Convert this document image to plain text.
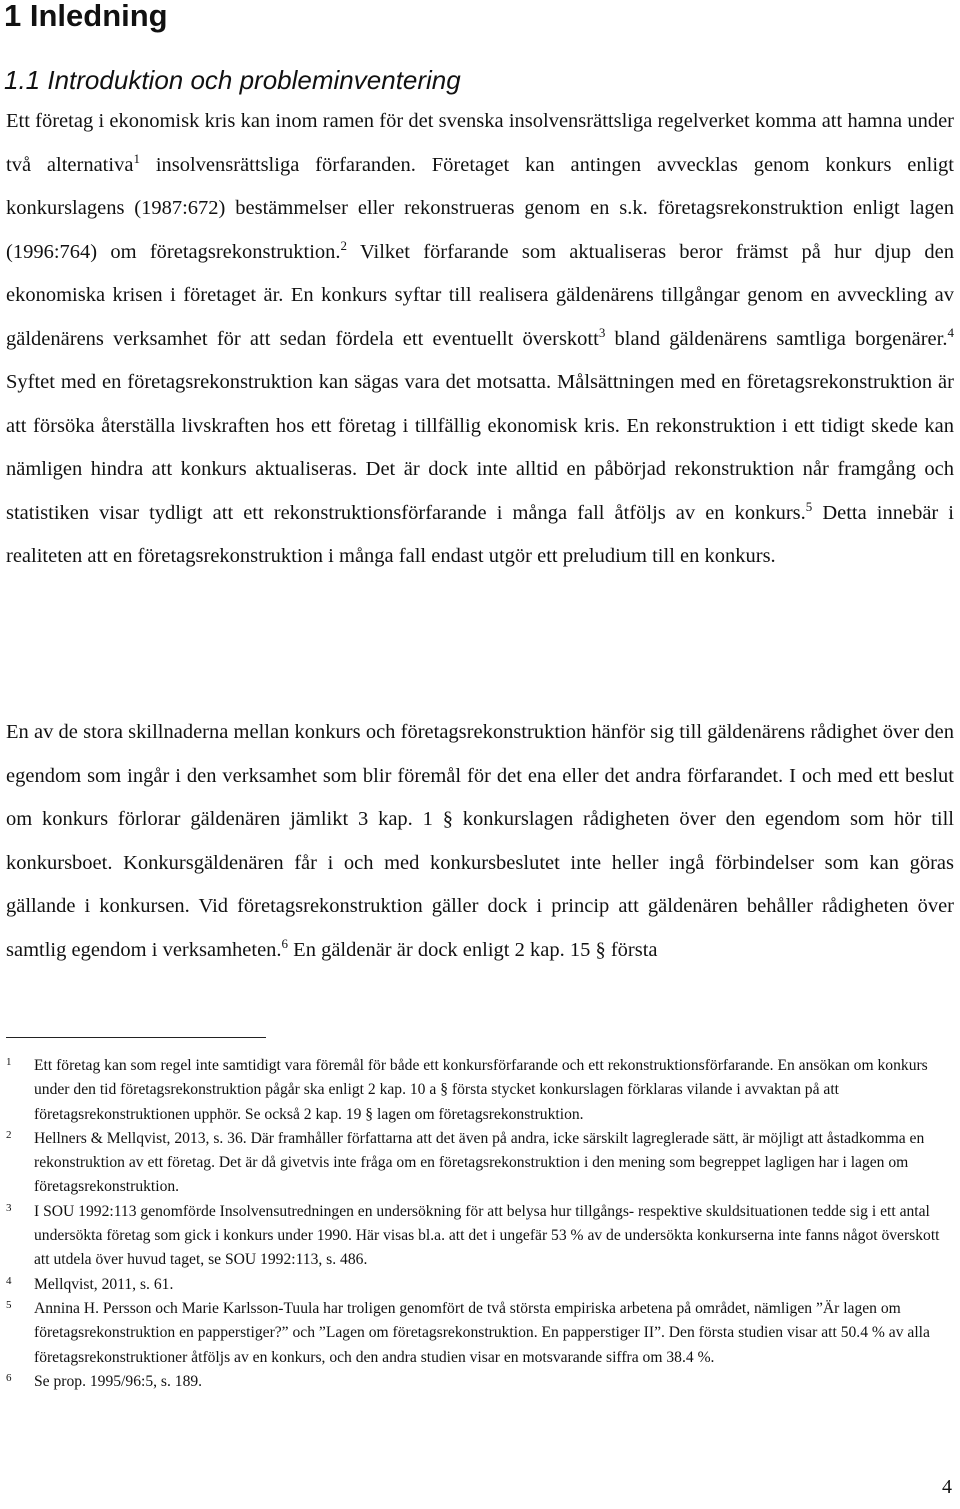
1 Inledning
1.1 Introduktion och probleminventering

Ett företag i ekonomisk kris kan inom ramen för det svenska insolvensrättsliga regelverket komma att hamna under två alternativa$^1$ insolvensrättsliga förfaranden. Företaget kan antingen avvecklas genom konkurs enligt konkurslagens (1987:672) bestämmelser eller rekonstrueras genom en s.k. företagsrekonstruktion enligt lagen (1996:764) om företagsrekonstruktion.$^2$ Vilket förfarande som aktualiseras beror främst på hur djup den ekonomiska krisen i företaget är. En konkurs syftar till realisera gäldenärens tillgångar genom en avveckling av gäldenärens verksamhet för att sedan fördela ett eventuellt överskott$^3$ bland gäldenärens samtliga borgenärer.$^4$ Syftet med en företagsrekonstruktion kan sägas vara det motsatta. Målsättningen med en företagsrekonstruktion är att försöka återställa livskraften hos ett företag i tillfällig ekonomisk kris. En rekonstruktion i ett tidigt skede kan nämligen hindra att konkurs aktualiseras. Det är dock inte alltid en påbörjad rekonstruktion når framgång och statistiken visar tydligt att ett rekonstruktionsförfarande i många fall åtföljs av en konkurs.$^5$ Detta innebär i realiteten att en företagsrekonstruktion i många fall endast utgör ett preludium till en konkurs.

En av de stora skillnaderna mellan konkurs och företagsrekonstruktion hänför sig till gäldenärens rådighet över den egendom som ingår i den verksamhet som blir föremål för det ena eller det andra förfarandet. I och med ett beslut om konkurs förlorar gäldenären jämlikt 3 kap. 1 § konkurslagen rådigheten över den egendom som hör till konkursboet. Konkursgäldenären får i och med konkursbeslutet inte heller ingå förbindelser som kan göras gällande i konkursen. Vid företagsrekonstruktion gäller dock i princip att gäldenären behåller rådigheten över samtlig egendom i verksamheten.$^6$ En gäldenär är dock enligt 2 kap. 15 § första

1 Ett företag kan som regel inte samtidigt vara föremål för både ett konkursförfarande och ett rekonstruktionsförfarande. En ansökan om konkurs under den tid företagsrekonstruktion pågår ska enligt 2 kap. 10 a § första stycket konkurslagen förklaras vilande i avvaktan på att företagsrekonstruktionen upphör. Se också 2 kap. 19 § lagen om företagsrekonstruktion.
2 Hellners & Mellqvist, 2013, s. 36. Där framhåller författarna att det även på andra, icke särskilt lagreglerade sätt, är möjligt att åstadkomma en rekonstruktion av ett företag. Det är då givetvis inte fråga om en företagsrekonstruktion i den mening som begreppet lagligen har i lagen om företagsrekonstruktion.
3 I SOU 1992:113 genomförde Insolvensutredningen en undersökning för att belysa hur tillgångs- respektive skuldsituationen tedde sig i ett antal undersökta företag som gick i konkurs under 1990. Här visas bl.a. att det i ungefär 53 % av de undersökta konkurserna inte fanns något överskott att utdela över huvud taget, se SOU 1992:113, s. 486.
4 Mellqvist, 2011, s. 61.
5 Annina H. Persson och Marie Karlsson-Tuula har troligen genomfört de två största empiriska arbetena på området, nämligen ”Är lagen om företagsrekonstruktion en papperstiger?” och ”Lagen om företagsrekonstruktion. En papperstiger II”. Den första studien visar att 50.4 % av alla företagsrekonstruktioner åtföljs av en konkurs, och den andra studien visar en motsvarande siffra om 38.4 %.
6 Se prop. 1995/96:5, s. 189.
4
